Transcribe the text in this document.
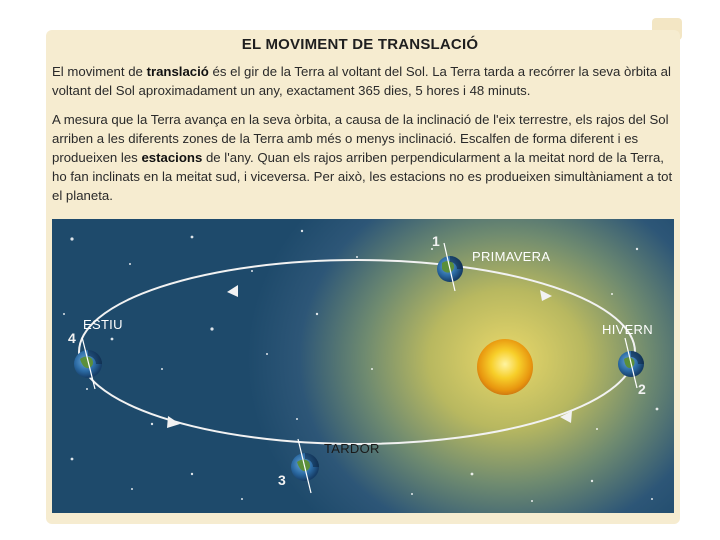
EL MOVIMENT DE TRANSLACIÓ

El moviment de translació és el gir de la Terra al voltant del Sol. La Terra tarda a recórrer la seva òrbita al voltant del Sol aproximadament un any, exactament 365 dies, 5 hores i 48 minuts.

A mesura que la Terra avança en la seva òrbita, a causa de la inclinació de l'eix terrestre, els rajos del Sol arriben a les diferents zones de la Terra amb més o menys inclinació. Escalfen de forma diferent i es produeixen les estacions de l'any. Quan els rajos arriben perpendicularment a la meitat nord de la Terra, ho fan inclinats en la meitat sud, i viceversa. Per això, les estacions no es produeixen simultàniament a tot el planeta.

1
PRIMAVERA
2
HIVERN
3
TARDOR
4
ESTIU
